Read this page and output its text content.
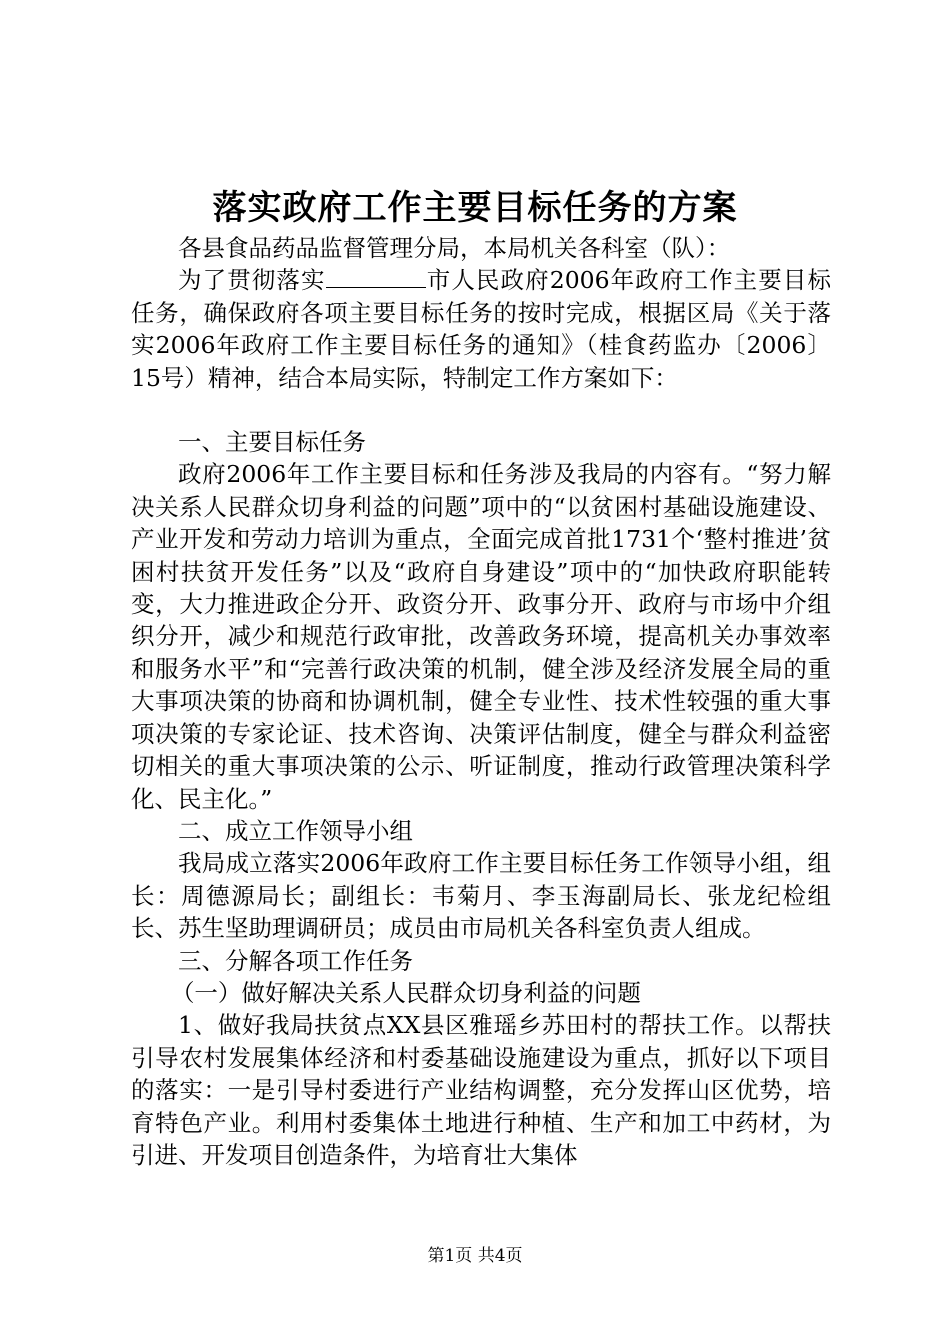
落实政府工作主要目标任务的方案

各县食品药品监督管理分局，本局机关各科室（队）：

为了贯彻落实	市人民政府2006年政府工作主要目标任务，确保政府各项主要目标任务的按时完成，根据区局《关于落实2006年政府工作主要目标任务的通知》（桂食药监办〔2006〕15号）精神，结合本局实际，特制定工作方案如下：

一、主要目标任务

政府2006年工作主要目标和任务涉及我局的内容有。“努力解决关系人民群众切身利益的问题”项中的“以贫困村基础设施建设、产业开发和劳动力培训为重点，全面完成首批1731个‘整村推进’贫困村扶贫开发任务”以及“政府自身建设”项中的“加快政府职能转变，大力推进政企分开、政资分开、政事分开、政府与市场中介组织分开，减少和规范行政审批，改善政务环境，提高机关办事效率和服务水平”和“完善行政决策的机制，健全涉及经济发展全局的重大事项决策的协商和协调机制，健全专业性、技术性较强的重大事项决策的专家论证、技术咨询、决策评估制度，健全与群众利益密切相关的重大事项决策的公示、听证制度，推动行政管理决策科学化、民主化。”

二、成立工作领导小组

我局成立落实2006年政府工作主要目标任务工作领导小组，组长：周德源局长；副组长：韦菊月、李玉海副局长、张龙纪检组长、苏生坚助理调研员；成员由市局机关各科室负责人组成。

三、分解各项工作任务

（一）做好解决关系人民群众切身利益的问题

1、做好我局扶贫点XX县区雅瑶乡苏田村的帮扶工作。以帮扶引导农村发展集体经济和村委基础设施建设为重点，抓好以下项目的落实：一是引导村委进行产业结构调整，充分发挥山区优势，培育特色产业。利用村委集体土地进行种植、生产和加工中药材，为引进、开发项目创造条件，为培育壮大集体

第1页 共4页
